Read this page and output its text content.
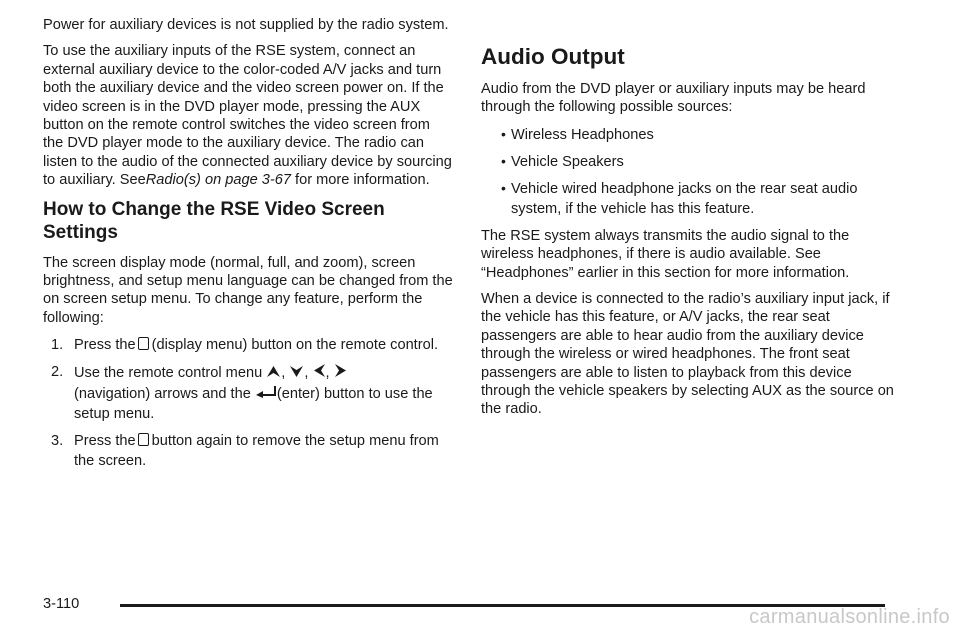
Power for auxiliary devices is not supplied by the radio system.

To use the auxiliary inputs of the RSE system, connect an external auxiliary device to the color-coded A/V jacks and turn both the auxiliary device and the video screen power on. If the video screen is in the DVD player mode, pressing the AUX button on the remote control switches the video screen from the DVD player mode to the auxiliary device. The radio can listen to the audio of the connected auxiliary device by sourcing to auxiliary. SeeRadio(s) on page 3-67 for more information.

How to Change the RSE Video Screen Settings

The screen display mode (normal, full, and zoom), screen brightness, and setup menu language can be changed from the on screen setup menu. To change any feature, perform the following:

1. Press the (display menu) button on the remote control.
2. Use the remote control menu , , ,
(navigation) arrows and the (enter) button to use the setup menu.
3. Press the button again to remove the setup menu from the screen.
Audio Output

Audio from the DVD player or auxiliary inputs may be heard through the following possible sources:

• Wireless Headphones
• Vehicle Speakers
• Vehicle wired headphone jacks on the rear seat audio system, if the vehicle has this feature.

The RSE system always transmits the audio signal to the wireless headphones, if there is audio available. See “Headphones” earlier in this section for more information.

When a device is connected to the radio’s auxiliary input jack, if the vehicle has this feature, or A/V jacks, the rear seat passengers are able to hear audio from the auxiliary device through the wireless or wired headphones. The front seat passengers are able to listen to playback from this device through the vehicle speakers by selecting AUX as the source on the radio.

3-110
carmanualsonline.info
